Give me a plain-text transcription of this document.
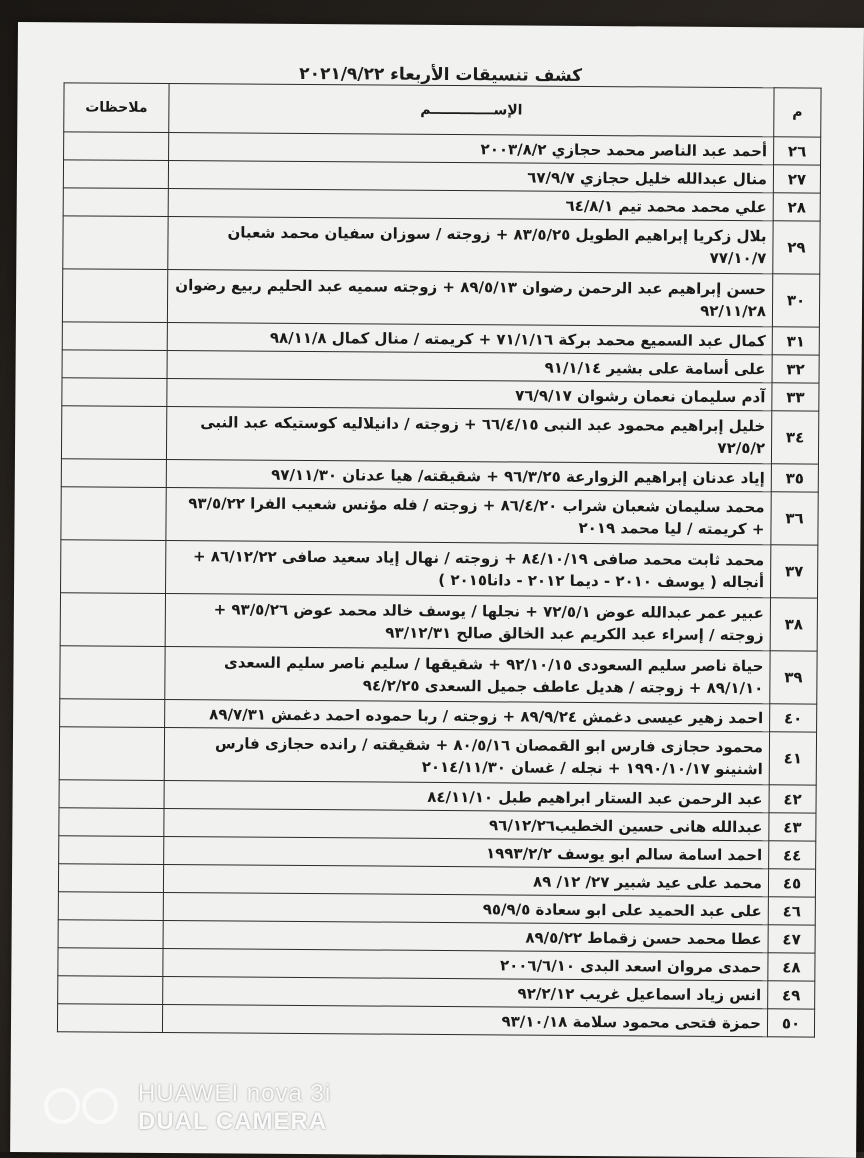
كشف تنسيقات الأربعاء ٢٠٢١/٩/٢٢
م	الإســـــــــــــم	ملاحظات
٢٦	أحمد عبد الناصر محمد حجازي ٢٠٠٣/٨/٢	
٢٧	منال عبدالله خليل حجازي ٦٧/٩/٧	
٢٨	علي محمد محمد تيم ٦٤/٨/١	
٢٩	بلال زكريا إبراهيم الطويل ٨٣/٥/٢٥ + زوجته / سوزان سفيان محمد شعبان ٧٧/١٠/٧	
٣٠	حسن إبراهيم عبد الرحمن رضوان ٨٩/٥/١٣ + زوجته سميه عبد الحليم ربيع رضوان ٩٢/١١/٢٨	
٣١	كمال عبد السميع محمد بركة ٧١/١/١٦ + كريمته / منال كمال ٩٨/١١/٨	
٣٢	على أسامة على بشير ٩١/١/١٤	
٣٣	آدم سليمان نعمان رشوان ٧٦/٩/١٧	
٣٤	خليل إبراهيم محمود عبد النبى ٦٦/٤/١٥ + زوجته / دانيلاليه كوستيكه عبد النبى ٧٢/٥/٢	
٣٥	إياد عدنان إبراهيم الزوارعة ٩٦/٣/٢٥ + شقيقته/ هيا عدنان ٩٧/١١/٣٠	
٣٦	محمد سليمان شعبان شراب ٨٦/٤/٢٠ + زوجته / فله مؤنس شعيب الفرا ٩٣/٥/٢٢ + كريمته / ليا محمد ٢٠١٩	
٣٧	محمد ثابت محمد صافى ٨٤/١٠/١٩ + زوجته / نهال إياد سعيد صافى ٨٦/١٢/٢٢ + أنجاله ( يوسف ٢٠١٠ - ديما ٢٠١٢ - دانا٢٠١٥ )	
٣٨	عبير عمر عبدالله عوض ٧٢/٥/١ + نجلها / يوسف خالد محمد عوض ٩٣/٥/٢٦ + زوجته / إسراء عبد الكريم عبد الخالق صالح ٩٣/١٢/٣١	
٣٩	حياة ناصر سليم السعودى ٩٢/١٠/١٥ + شقيقها / سليم ناصر سليم السعدى ٨٩/١/١٠ + زوجته / هديل عاطف جميل السعدى ٩٤/٢/٢٥	
٤٠	احمد زهير عيسى دغمش ٨٩/٩/٢٤ + زوجته / ربا حموده احمد دغمش ٨٩/٧/٣١	
٤١	محمود حجازى فارس ابو القمصان ٨٠/٥/١٦ + شقيقته / رانده حجازى فارس اشنينو ١٩٩٠/١٠/١٧ + نجله / غسان ٢٠١٤/١١/٣٠	
٤٢	عبد الرحمن عبد الستار ابراهيم طبل ٨٤/١١/١٠	
٤٣	عبدالله هانى حسين الخطيب٩٦/١٢/٢٦	
٤٤	احمد اسامة سالم ابو يوسف ١٩٩٣/٢/٢	
٤٥	محمد على عيد شبير ٢٧/ ١٢/ ٨٩	
٤٦	على عبد الحميد على ابو سعادة ٩٥/٩/٥	
٤٧	عطا محمد حسن زقماط ٨٩/٥/٢٢	
٤٨	حمدى مروان اسعد البدى ٢٠٠٦/٦/١٠	
٤٩	انس زياد اسماعيل غريب ٩٢/٢/١٢	
٥٠	حمزة فتحى محمود سلامة ٩٣/١٠/١٨	
HUAWEI nova 3i
DUAL CAMERA
